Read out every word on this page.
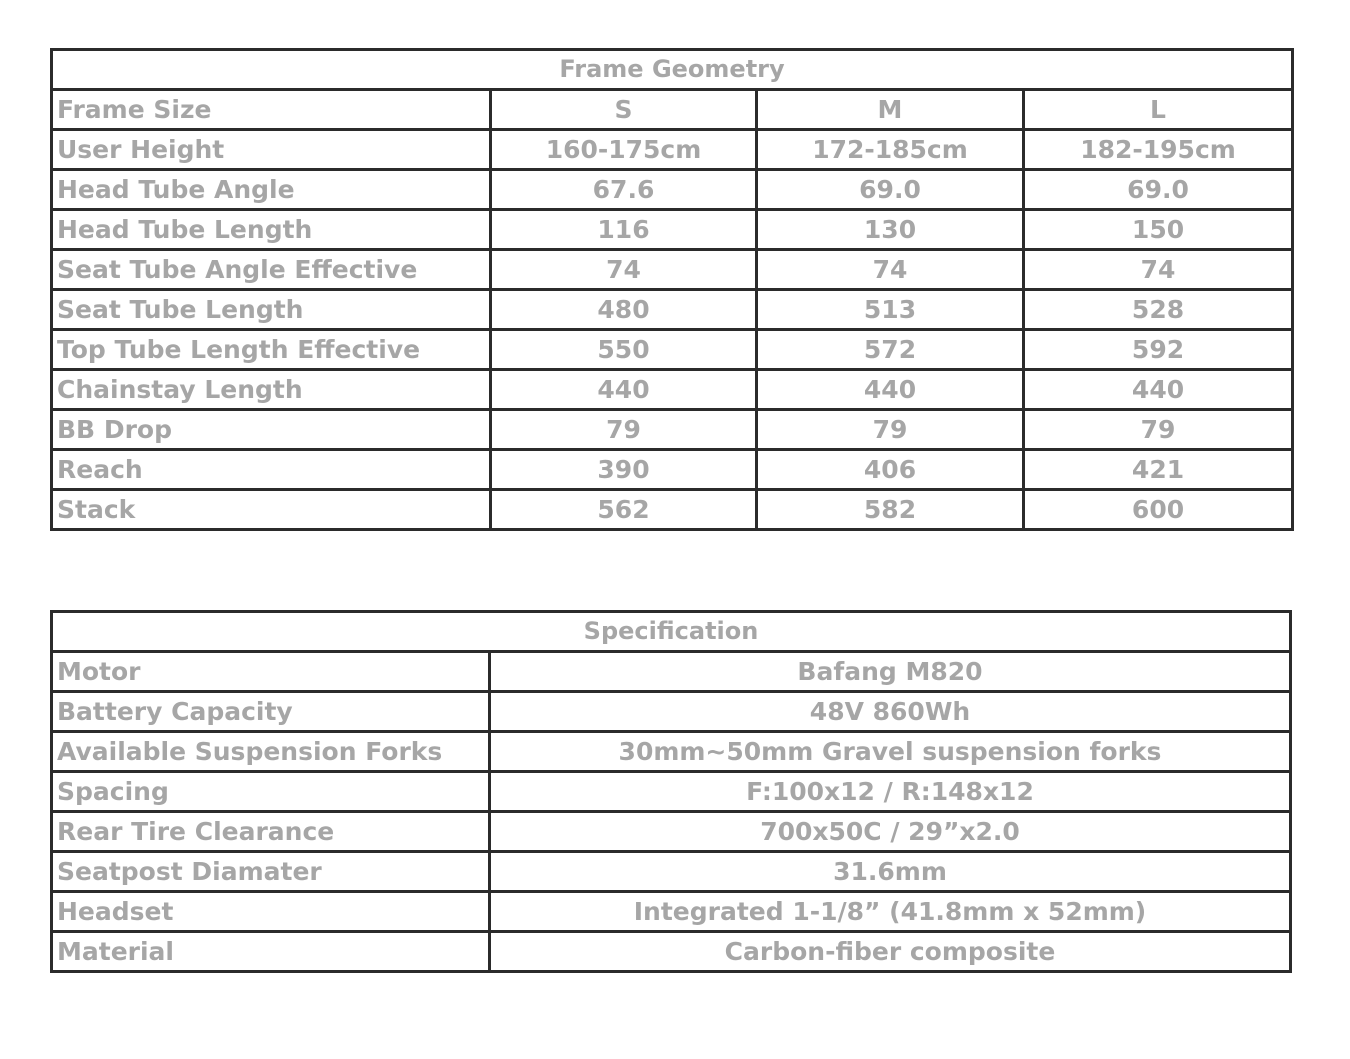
Frame Geometry			
Frame Size	S	M	L
User Height	160-175cm	172-185cm	182-195cm
Head Tube Angle	67.6	69.0	69.0
Head Tube Length	116	130	150
Seat Tube Angle Effective	74	74	74
Seat Tube Length	480	513	528
Top Tube Length Effective	550	572	592
Chainstay Length	440	440	440
BB Drop	79	79	79
Reach	390	406	421
Stack	562	582	600
Specification	
Motor	Bafang M820
Battery Capacity	48V 860Wh
Available Suspension Forks	30mm~50mm Gravel suspension forks
Spacing	F:100x12 / R:148x12
Rear Tire Clearance	700x50C / 29”x2.0
Seatpost Diamater	31.6mm
Headset	Integrated 1-1/8” (41.8mm x 52mm)
Material	Carbon-fiber composite
